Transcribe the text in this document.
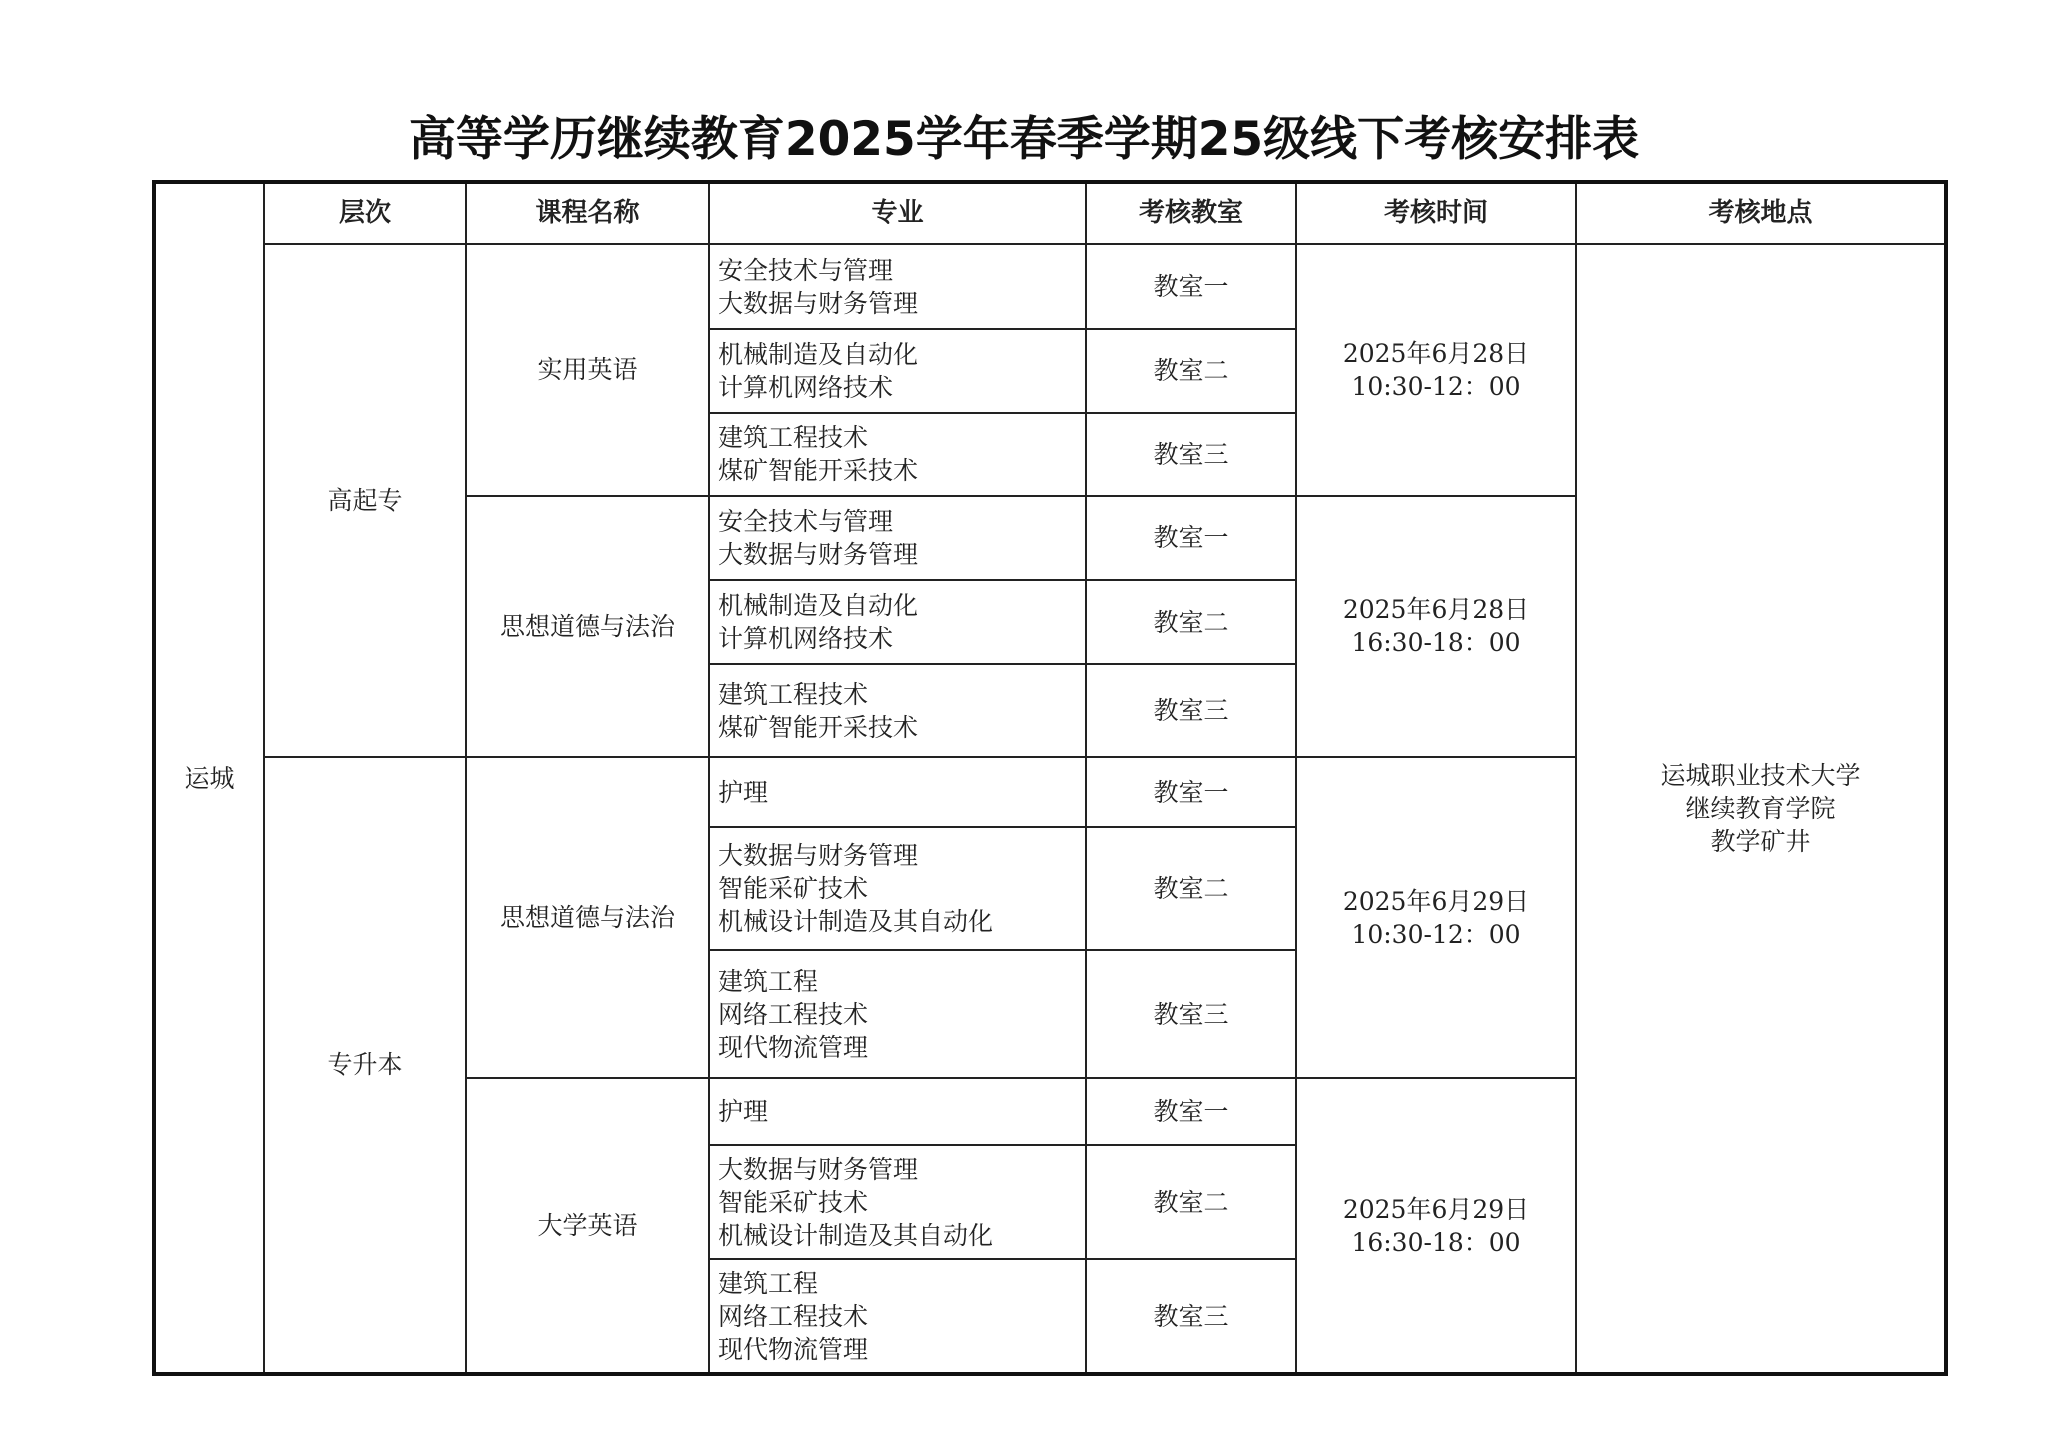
高等学历继续教育2025学年春季学期25级线下考核安排表
运城	层次	课程名称	专业	考核教室	考核时间	考核地点
	高起专	实用英语	安全技术与管理
大数据与财务管理	教室一	2025年6月28日
10:30-12：00	运城职业技术大学
继续教育学院
教学矿井
			机械制造及自动化
计算机网络技术	教室二		
			建筑工程技术
煤矿智能开采技术	教室三		
		思想道德与法治	安全技术与管理
大数据与财务管理	教室一	2025年6月28日
16:30-18：00	
			机械制造及自动化
计算机网络技术	教室二		
			建筑工程技术
煤矿智能开采技术	教室三		
	专升本	思想道德与法治	护理	教室一	2025年6月29日
10:30-12：00	
			大数据与财务管理
智能采矿技术
机械设计制造及其自动化	教室二		
			建筑工程
网络工程技术
现代物流管理	教室三		
		大学英语	护理	教室一	2025年6月29日
16:30-18：00	
			大数据与财务管理
智能采矿技术
机械设计制造及其自动化	教室二		
			建筑工程
网络工程技术
现代物流管理	教室三		
